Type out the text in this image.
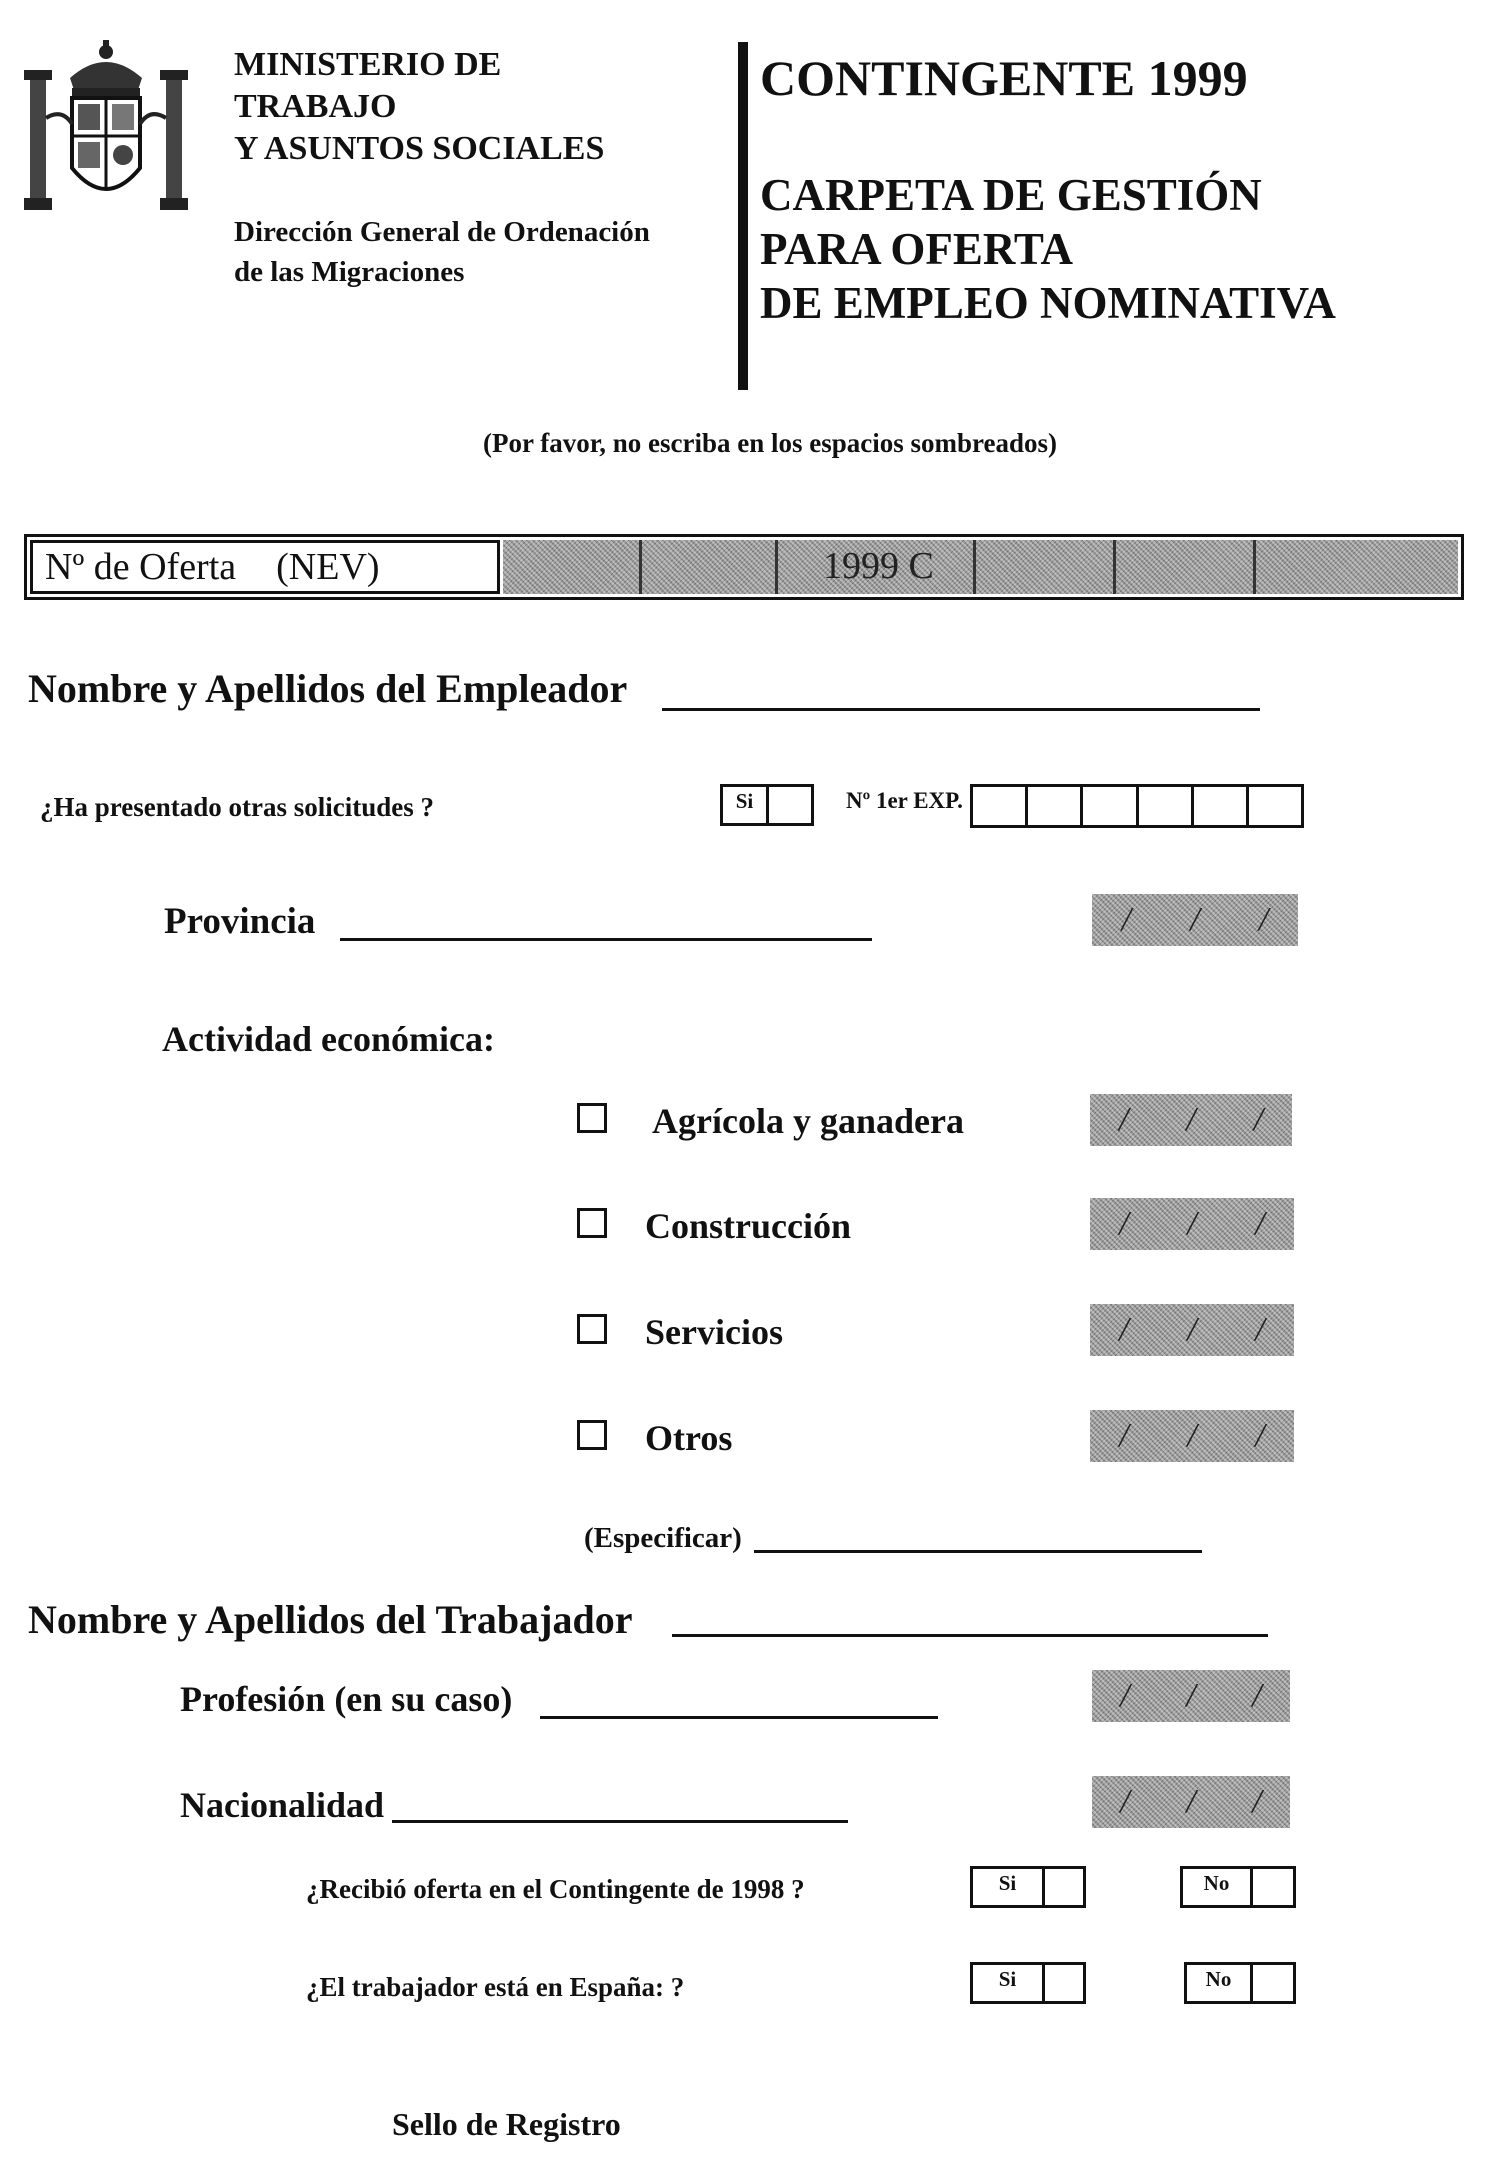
MINISTERIO DE
TRABAJO
Y ASUNTOS SOCIALES
Dirección General de Ordenación
de las Migraciones
CONTINGENTE 1999
CARPETA DE GESTIÓN
PARA OFERTA
DE EMPLEO NOMINATIVA
(Por favor, no escriba en los espacios sombreados)
Nº de Oferta (NEV)	1999 C
Nombre y Apellidos del Empleador
¿Ha presentado otras solicitudes ?	Si	Nº 1er EXP.
Provincia	/ / /
Actividad económica:
Agrícola y ganadera	/ / /
Construcción	/ / /
Servicios	/ / /
Otros	/ / /
(Especificar)
Nombre y Apellidos del Trabajador
Profesión (en su caso)	/ / /
Nacionalidad	/ / /
¿Recibió oferta en el Contingente de 1998 ?	Si	No
¿El trabajador está en España: ?	Si	No
Sello de Registro
